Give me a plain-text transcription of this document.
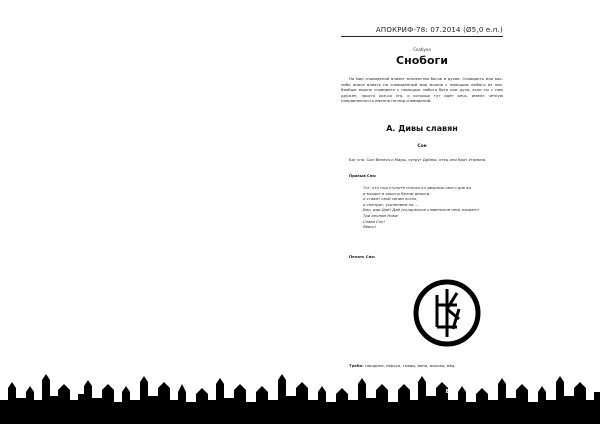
АПОКРИФ-78: 07.2014 (Ø5,0 е.п.)
Скабуна
Снобоги
На мир сновидений влияет множество богов и духов. Сновидеть или как-либо иначе влиять на сновиденный мир можно с помощью любого из них. Вообще можно сновидеть с помощью любого бога или духа, если ты с ним дружен, просто кое-ко это, о которых тут идёт речь, имеют чёткую направленность именно на мир сновидений.
А. Дивы славян
Сон
Бог сна. Сын Велеса и Мары, супруг Дрёмы, отец или брат Угомона.
Призыв Сна:
Тот, кто под ступите сплохо ко дворник-ового дов ец
и входит в крысно белом деньки,
и ставит свой синий посох,
и смотрит, усилением на ...
Вин, иди Дай! Дай (колдовское славенское нем) взывает!
Три алоном Нова!
Слава Сну!
Явись!
Печать Сна:
Треба: говядина, пироги, тыквы, вино, молоко, мёд.
87
